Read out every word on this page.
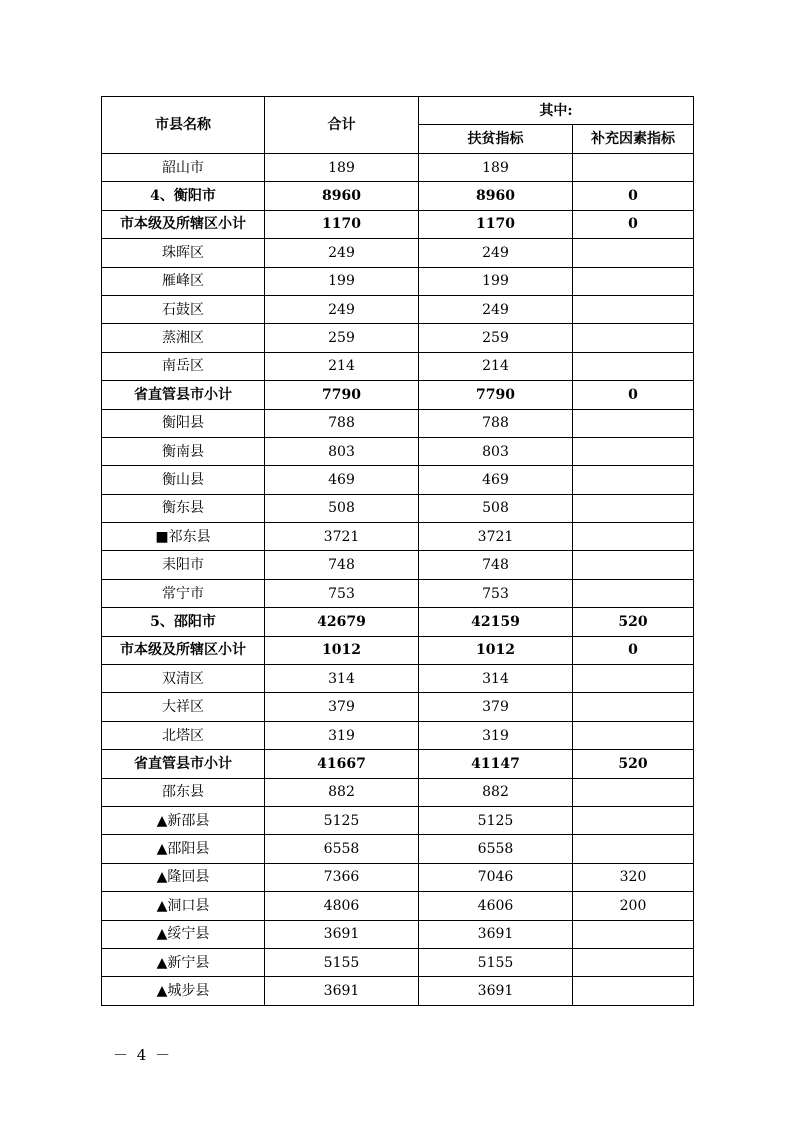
市县名称	合计	其中:	
		扶贫指标	补充因素指标
韶山市	189	189	
4、衡阳市	8960	8960	0
市本级及所辖区小计	1170	1170	0
珠晖区	249	249	
雁峰区	199	199	
石鼓区	249	249	
蒸湘区	259	259	
南岳区	214	214	
省直管县市小计	7790	7790	0
衡阳县	788	788	
衡南县	803	803	
衡山县	469	469	
衡东县	508	508	
■祁东县	3721	3721	
耒阳市	748	748	
常宁市	753	753	
5、邵阳市	42679	42159	520
市本级及所辖区小计	1012	1012	0
双清区	314	314	
大祥区	379	379	
北塔区	319	319	
省直管县市小计	41667	41147	520
邵东县	882	882	
▲新邵县	5125	5125	
▲邵阳县	6558	6558	
▲隆回县	7366	7046	320
▲洞口县	4806	4606	200
▲绥宁县	3691	3691	
▲新宁县	5155	5155	
▲城步县	3691	3691	
－ 4 －
